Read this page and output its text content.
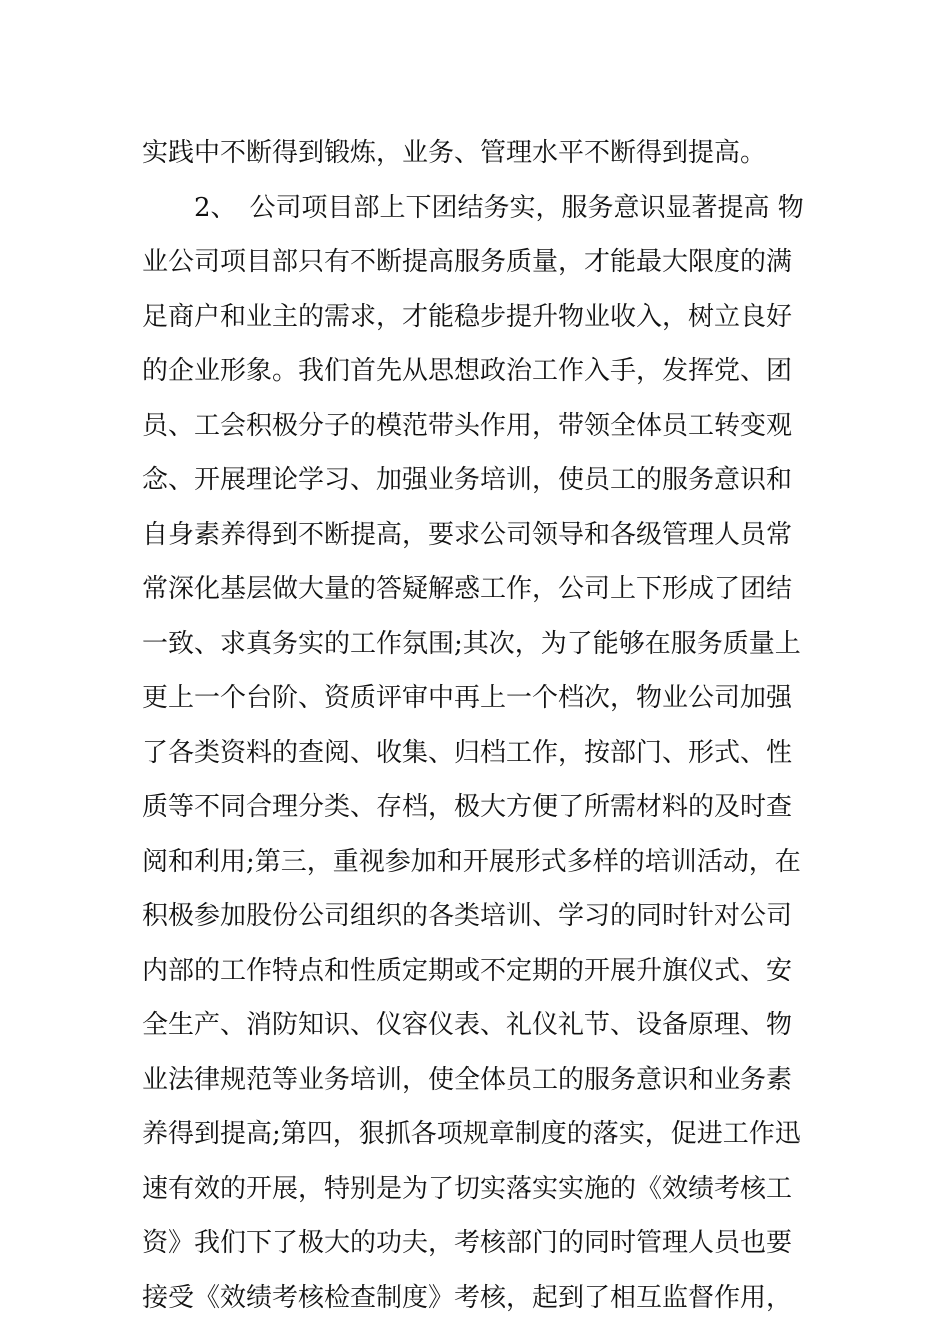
实践中不断得到锻炼，业务、管理水平不断得到提高。
　　2、　公司项目部上下团结务实，服务意识显著提高 物
业公司项目部只有不断提高服务质量，才能最大限度的满
足商户和业主的需求，才能稳步提升物业收入，树立良好
的企业形象。我们首先从思想政治工作入手，发挥党、团
员、工会积极分子的模范带头作用，带领全体员工转变观
念、开展理论学习、加强业务培训，使员工的服务意识和
自身素养得到不断提高，要求公司领导和各级管理人员常
常深化基层做大量的答疑解惑工作，公司上下形成了团结
一致、求真务实的工作氛围;其次，为了能够在服务质量上
更上一个台阶、资质评审中再上一个档次，物业公司加强
了各类资料的查阅、收集、归档工作，按部门、形式、性
质等不同合理分类、存档，极大方便了所需材料的及时查
阅和利用;第三，重视参加和开展形式多样的培训活动，在
积极参加股份公司组织的各类培训、学习的同时针对公司
内部的工作特点和性质定期或不定期的开展升旗仪式、安
全生产、消防知识、仪容仪表、礼仪礼节、设备原理、物
业法律规范等业务培训，使全体员工的服务意识和业务素
养得到提高;第四，狠抓各项规章制度的落实，促进工作迅
速有效的开展，特别是为了切实落实实施的《效绩考核工
资》我们下了极大的功夫，考核部门的同时管理人员也要
接受《效绩考核检查制度》考核，起到了相互监督作用，
